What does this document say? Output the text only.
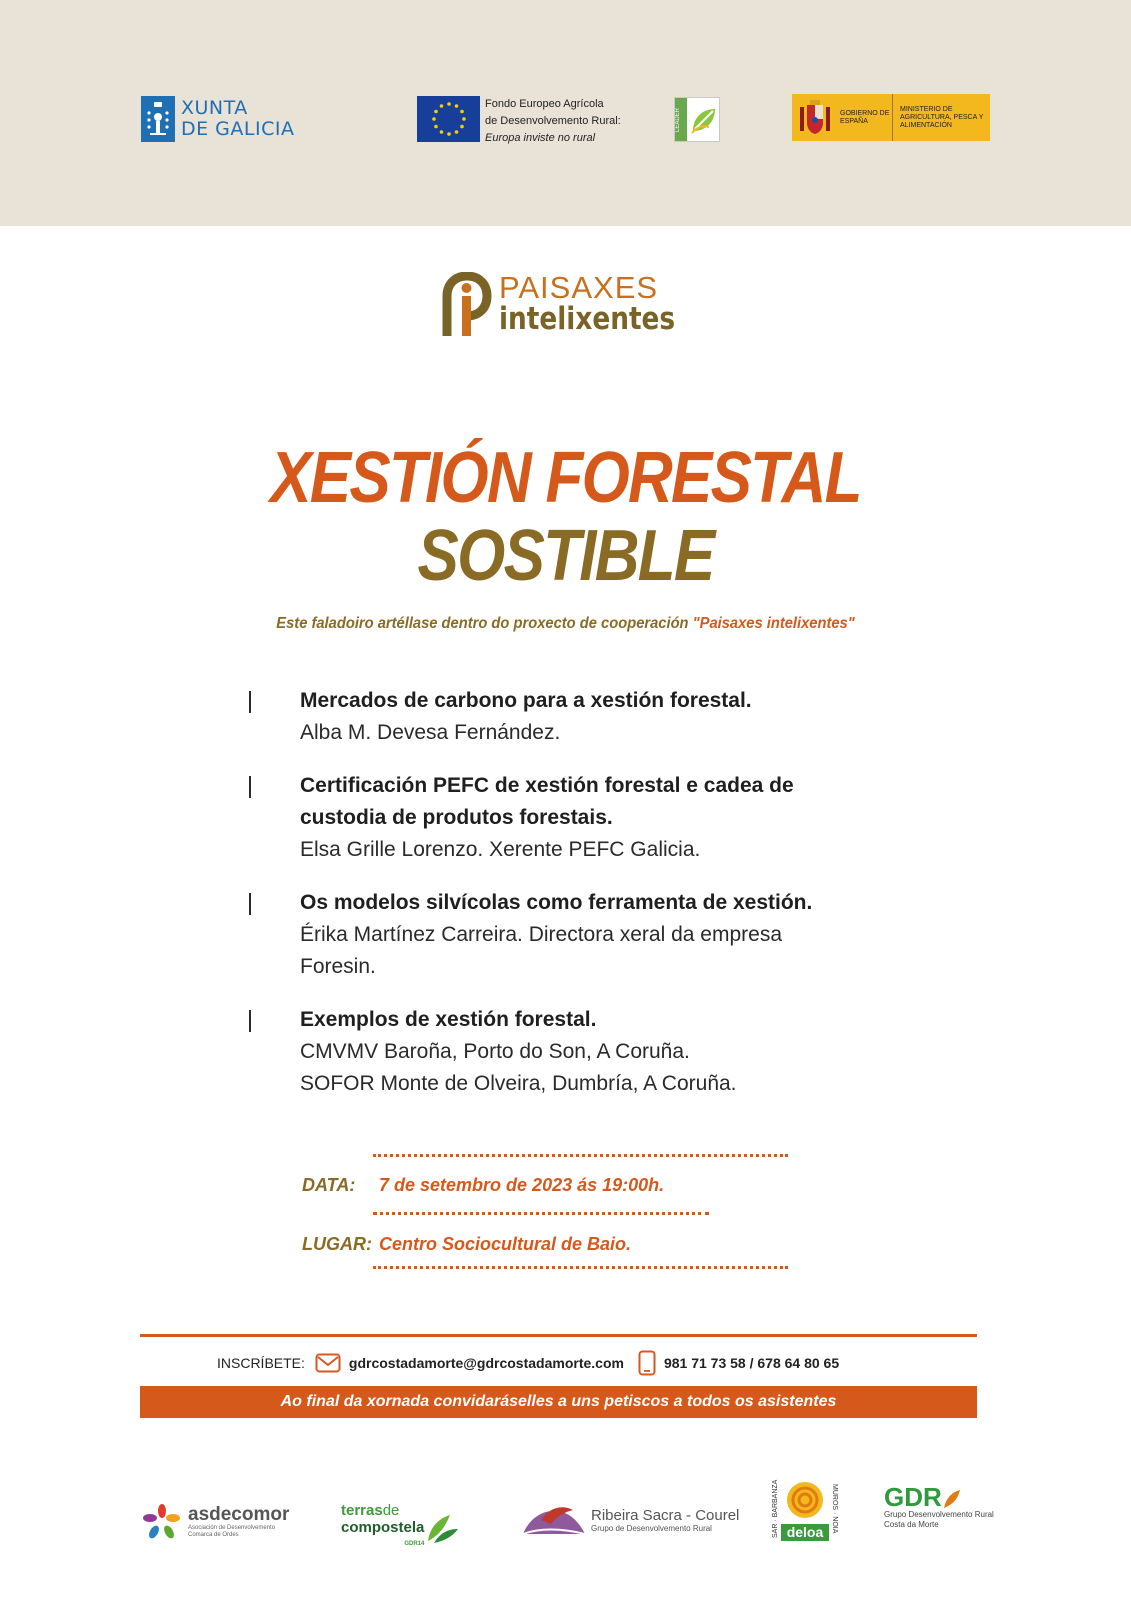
XUNTA
DE GALICIA
Fondo Europeo Agrícola
de Desenvolvemento Rural:
Europa inviste no rural
LEADER	GOBIERNO DE ESPAÑA
MINISTERIO DE AGRICULTURA, PESCA Y ALIMENTACIÓN
PAISAXES
intelixentes
XESTIÓN FORESTAL
SOSTIBLE
Este faladoiro artéllase dentro do proxecto de cooperación "Paisaxes intelixentes"
Mercados de carbono para a xestión forestal.
Alba M. Devesa Fernández.
Certificación PEFC de xestión forestal e cadea de
custodia de produtos forestais.
Elsa Grille Lorenzo. Xerente PEFC Galicia.
Os modelos silvícolas como ferramenta de xestión.
Érika Martínez Carreira. Directora xeral da empresa
Foresin.
Exemplos de xestión forestal.
CMVMV Baroña, Porto do Son, A Coruña.
SOFOR Monte de Olveira, Dumbría, A Coruña.
DATA: 7 de setembro de 2023 ás 19:00h.
LUGAR: Centro Sociocultural de Baio.
INSCRÍBETE:	gdrcostadamorte@gdrcostadamorte.com	981 71 73 58 / 678 64 80 65
Ao final da xornada convidaráselles a uns petiscos a todos os asistentes
asdecomor
Asociación de Desenvolvemento
Comarca de Ordes
terrasde
compostela
GDR14
Ribeira Sacra - Courel
Grupo de Desenvolvemento Rural	deloa
SAR · BARBANZA	MUROS · NOIA GDR
Grupo Desenvolvemento Rural
Costa da Morte
